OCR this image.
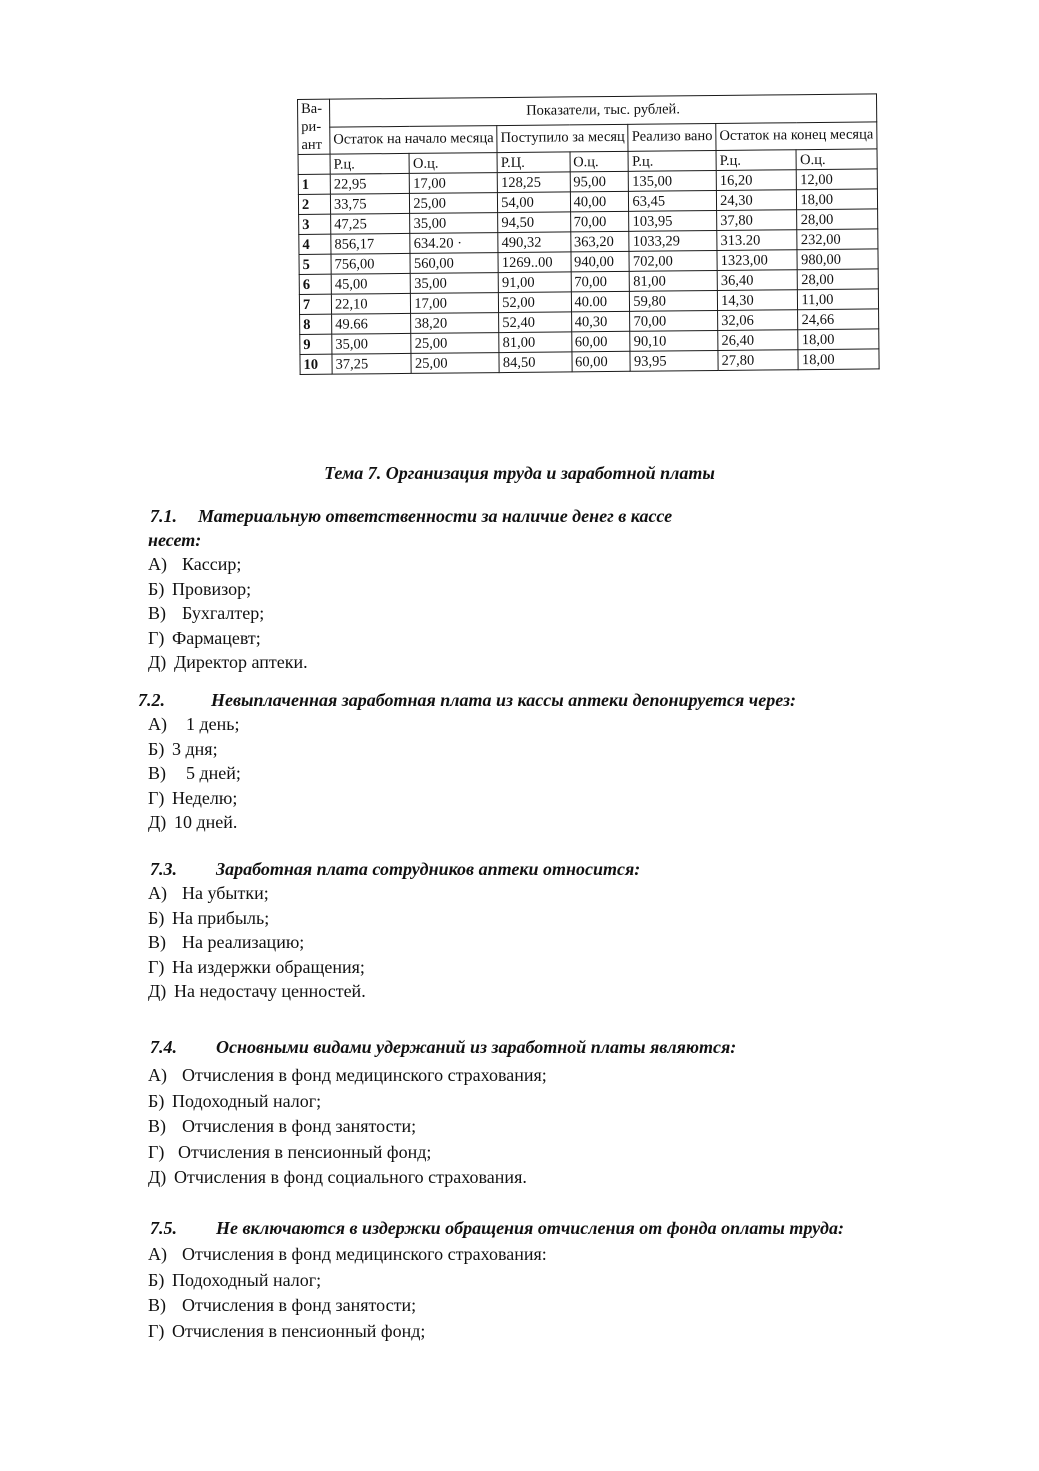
Ва-
ри-
ант	Показатели, тыс. рублей.						
	Остаток на начало месяца		Поступило за месяц		Реализо вано	Остаток на конец месяца	
	Р.ц.	О.ц.	Р.Ц.	О.ц.	Р.ц.	Р.ц.	О.ц.
1	22,95	17,00	128,25	95,00	135,00	16,20	12,00
2	33,75	25,00	54,00	40,00	63,45	24,30	18,00
3	47,25	35,00	94,50	70,00	103,95	37,80	28,00
4	856,17	634.20 ·	490,32	363,20	1033,29	313.20	232,00
5	756,00	560,00	1269..00	940,00	702,00	1323,00	980,00
6	45,00	35,00	91,00	70,00	81,00	36,40	28,00
7	22,10	17,00	52,00	40.00	59,80	14,30	11,00
8	49.66	38,20	52,40	40,30	70,00	32,06	24,66
9	35,00	25,00	81,00	60,00	90,10	26,40	18,00
10	37,25	25,00	84,50	60,00	93,95	27,80	18,00
Тема 7. Организация труда и заработной платы
7.1. Материальную ответственности за наличие денег в кассе
несет:
А) Кассир;
Б) Провизор;
В) Бухгалтер;
Г) Фармацевт;
Д) Директор аптеки.
7.2.	Невыплаченная заработная плата из кассы аптеки депонируется через:
А) 1 день;
Б) 3 дня;
В) 5 дней;
Г) Неделю;
Д) 10 дней.
7.3. Заработная плата сотрудников аптеки относится:
А) На убытки;
Б) На прибыль;
В) На реализацию;
Г) На издержки обращения;
Д) На недостачу ценностей.
7.4. Основными видами удержаний из заработной платы являются:
А) Отчисления в фонд медицинского страхования;
Б) Подоходный налог;
В) Отчисления в фонд занятости;
Г) Отчисления в пенсионный фонд;
Д) Отчисления в фонд социального страхования.
7.5. Не включаются в издержки обращения отчисления от фонда оплаты труда:
А) Отчисления в фонд медицинского страхования:
Б) Подоходный налог;
В) Отчисления в фонд занятости;
Г) Отчисления в пенсионный фонд;
